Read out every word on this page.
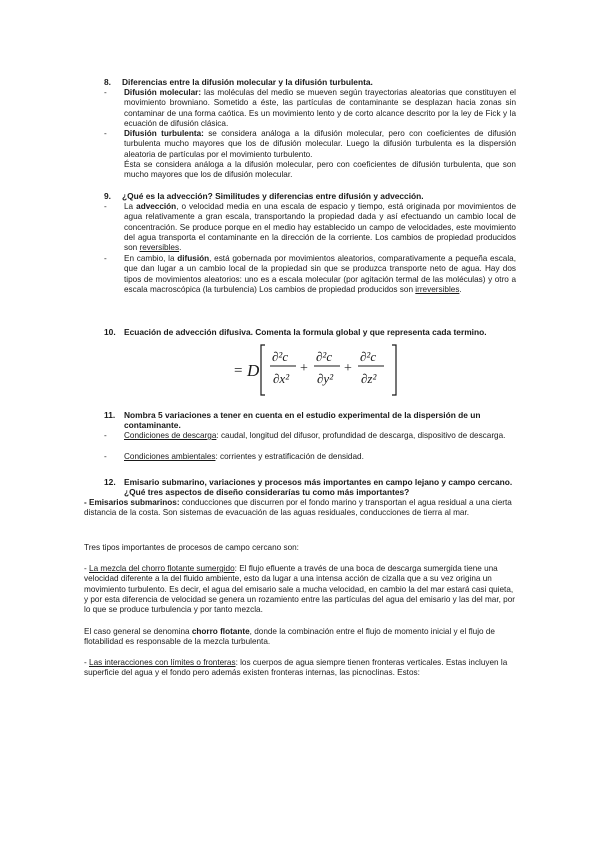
8. Diferencias entre la difusión molecular y la difusión turbulenta.
- Difusión molecular: las moléculas del medio se mueven según trayectorias aleatorias que constituyen el movimiento browniano. Sometido a éste, las partículas de contaminante se desplazan hacia zonas sin contaminar de una forma caótica. Es un movimiento lento y de corto alcance descrito por la ley de Fick y la ecuación de difusión clásica.

- Difusión turbulenta: se considera análoga a la difusión molecular, pero con coeficientes de difusión turbulenta mucho mayores que los de difusión molecular. Luego la difusión turbulenta es la dispersión aleatoria de partículas por el movimiento turbulento.
Ésta se considera análoga a la difusión molecular, pero con coeficientes de difusión turbulenta, que son mucho mayores que los de difusión molecular.

9. ¿Qué es la advección? Similitudes y diferencias entre difusión y advección.
- La advección, o velocidad media en una escala de espacio y tiempo, está originada por movimientos de agua relativamente a gran escala, transportando la propiedad dada y así efectuando un cambio local de concentración. Se produce porque en el medio hay establecido un campo de velocidades, este movimiento del agua transporta el contaminante en la dirección de la corriente. Los cambios de propiedad producidos son reversibles.

- En cambio, la difusión, está gobernada por movimientos aleatorios, comparativamente a pequeña escala, que dan lugar a un cambio local de la propiedad sin que se produzca transporte neto de agua. Hay dos tipos de movimientos aleatorios: uno es a escala molecular (por agitación termal de las moléculas) y otro a escala macroscópica (la turbulencia) Los cambios de propiedad producidos son irreversibles.

10. Ecuación de advección difusiva. Comenta la formula global y que representa cada termino.
= D
∂²c
∂x²
+
∂²c
∂y²
+
∂²c
∂z²
11. Nombra 5 variaciones a tener en cuenta en el estudio experimental de la dispersión de un contaminante.
- Condiciones de descarga: caudal, longitud del difusor, profundidad de descarga, dispositivo de descarga.

- Condiciones ambientales: corrientes y estratificación de densidad.

12. Emisario submarino, variaciones y procesos más importantes en campo lejano y campo cercano. ¿Qué tres aspectos de diseño considerarías tu como más importantes?

- Emisarios submarinos: conducciones que discurren por el fondo marino y transportan el agua residual a una cierta distancia de la costa. Son sistemas de evacuación de las aguas residuales, conducciones de tierra al mar.

Tres tipos importantes de procesos de campo cercano son:

- La mezcla del chorro flotante sumergido: El flujo efluente a través de una boca de descarga sumergida tiene una velocidad diferente a la del fluido ambiente, esto da lugar a una intensa acción de cizalla que a su vez origina un movimiento turbulento. Es decir, el agua del emisario sale a mucha velocidad, en cambio la del mar estará casi quieta, y por esta diferencia de velocidad se genera un rozamiento entre las partículas del agua del emisario y las del mar, por lo que se produce turbulencia y por tanto mezcla.

El caso general se denomina chorro flotante, donde la combinación entre el flujo de momento inicial y el flujo de flotabilidad es responsable de la mezcla turbulenta.

- Las interacciones con límites o fronteras: los cuerpos de agua siempre tienen fronteras verticales. Estas incluyen la superficie del agua y el fondo pero además existen fronteras internas, las picnoclinas. Estos:
